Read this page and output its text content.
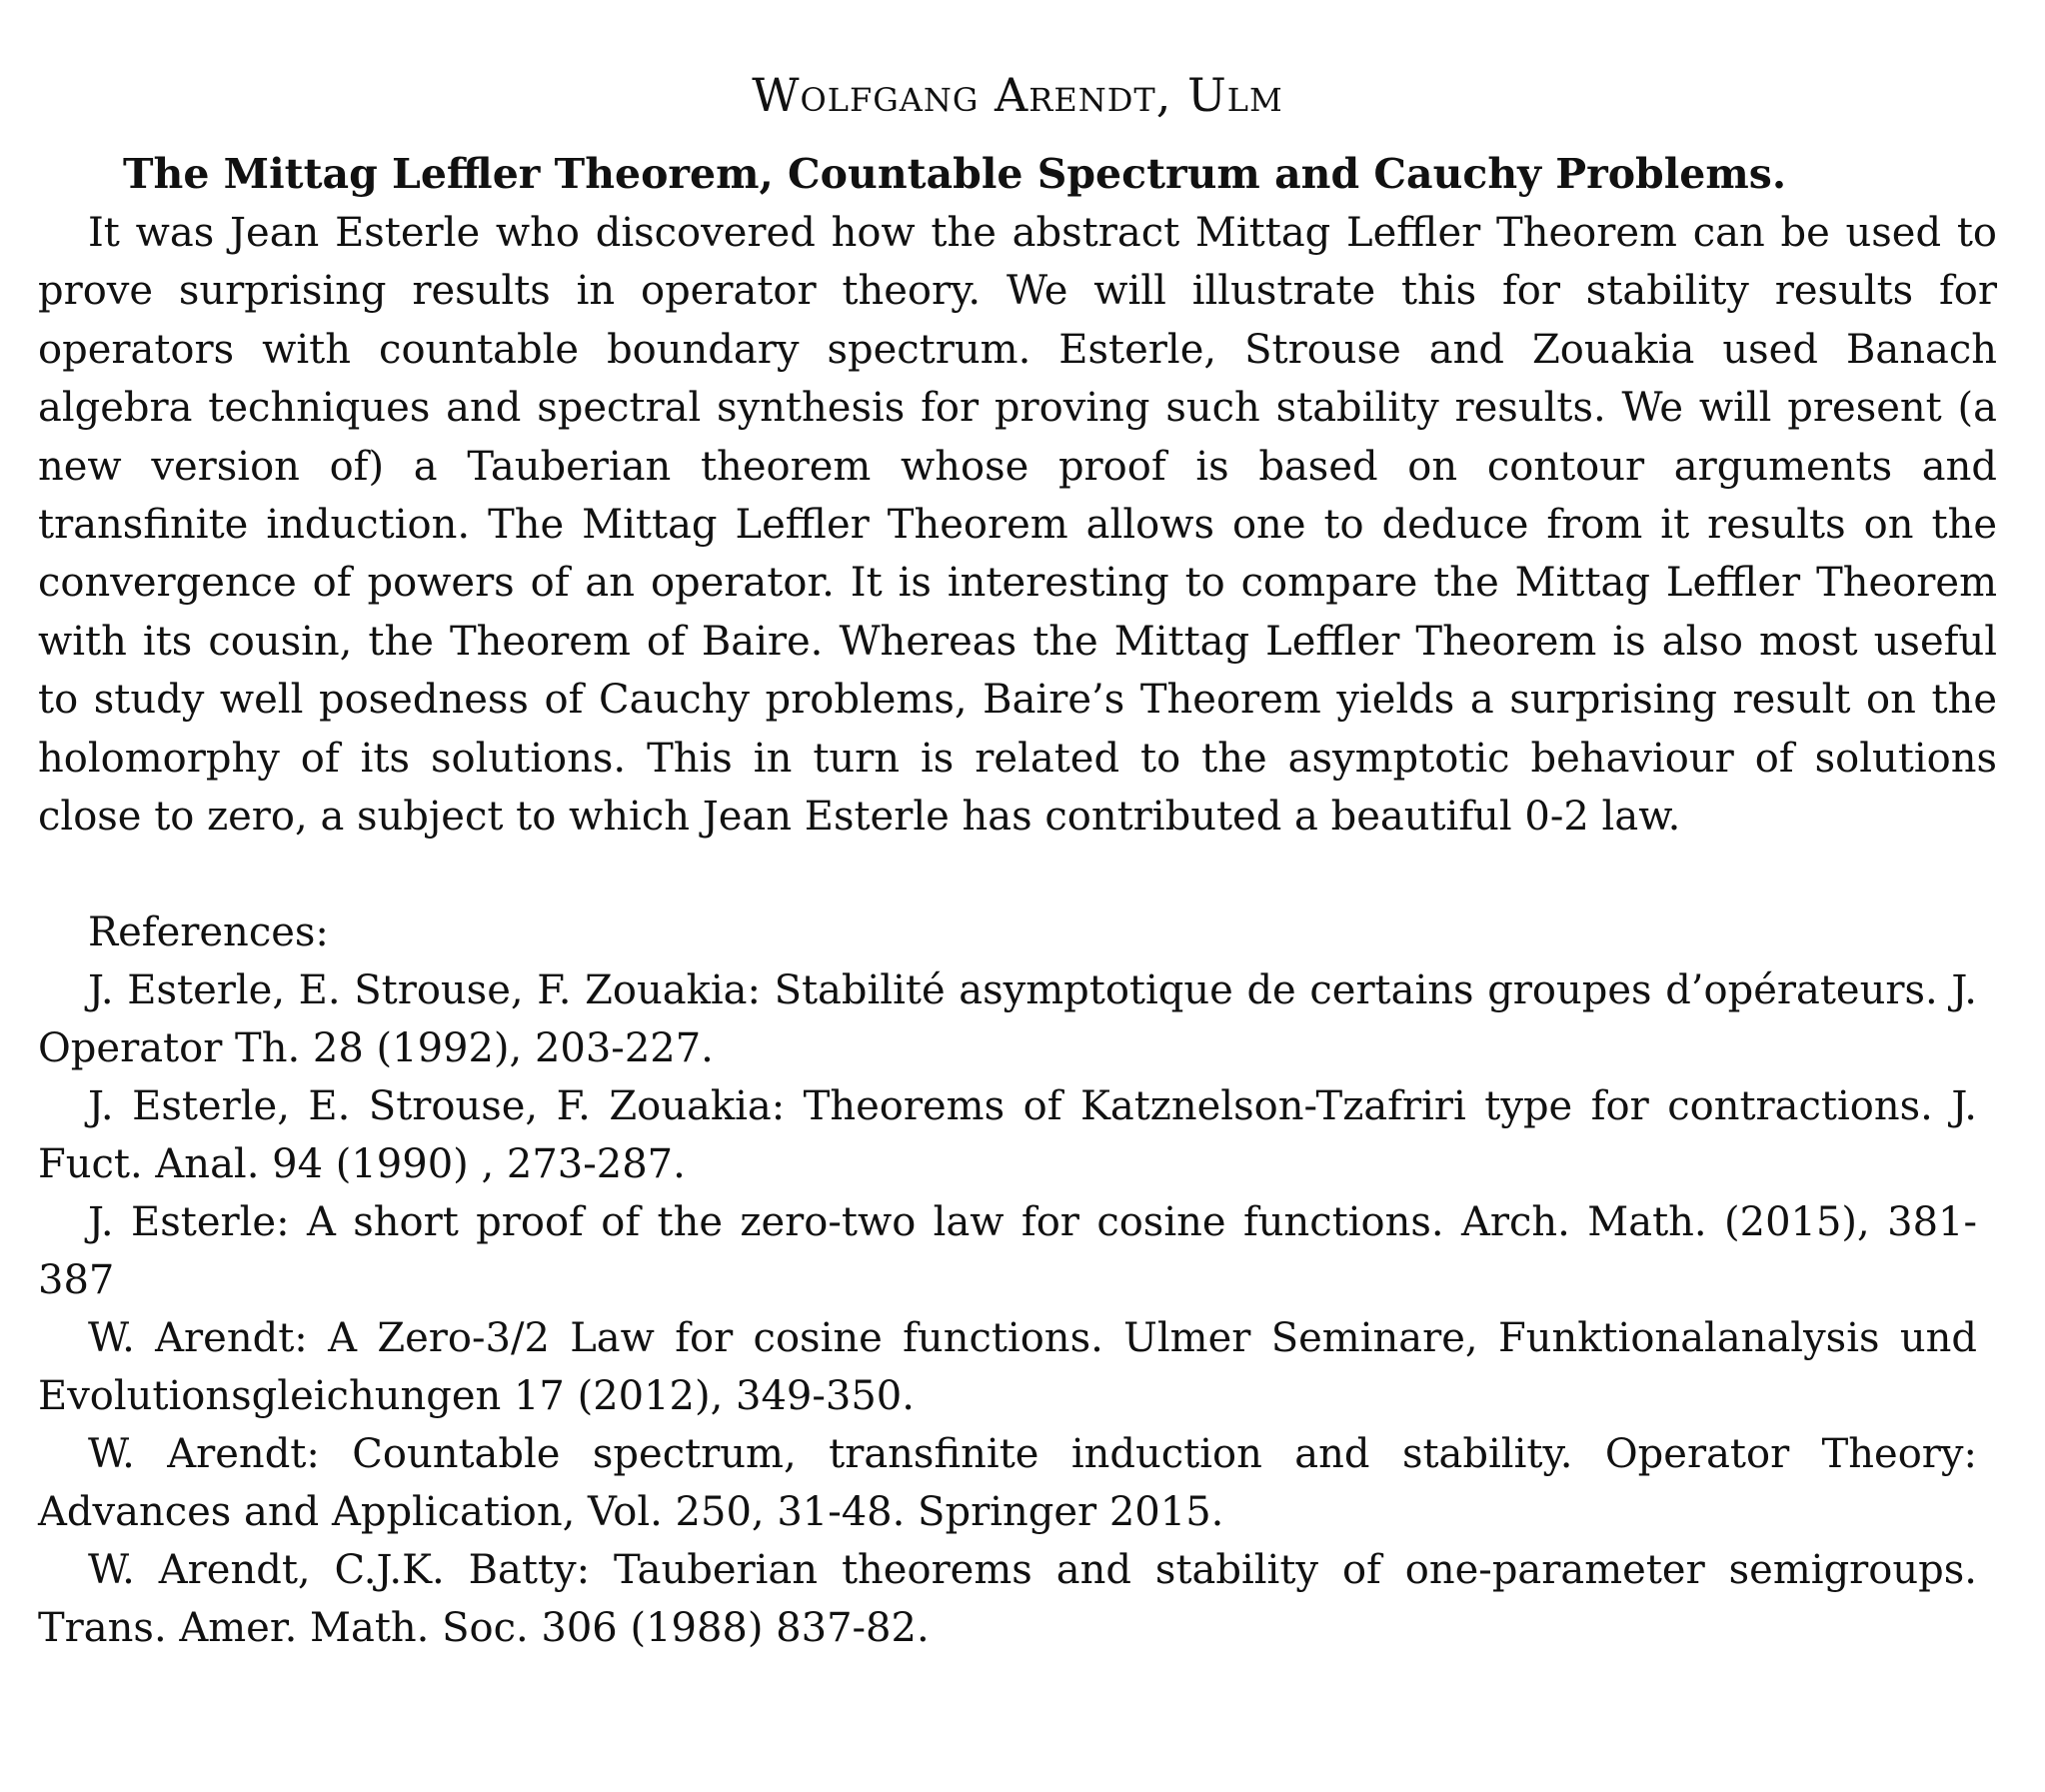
Wolfgang Arendt, Ulm
The Mittag Leffler Theorem, Countable Spectrum and Cauchy Problems.

It was Jean Esterle who discovered how the abstract Mittag Leffler Theorem can be used to prove surprising results in operator theory. We will illustrate this for stability results for operators with countable boundary spectrum. Esterle, Strouse and Zouakia used Banach algebra techniques and spectral synthesis for proving such stability results. We will present (a new version of) a Tauberian theorem whose proof is based on contour arguments and transfinite induction. The Mittag Leffler Theorem allows one to deduce from it results on the convergence of powers of an operator. It is interesting to compare the Mittag Leffler Theorem with its cousin, the Theorem of Baire. Whereas the Mittag Leffler Theorem is also most useful to study well posedness of Cauchy problems, Baire’s Theorem yields a surprising result on the holomorphy of its solutions. This in turn is related to the asymptotic behaviour of solutions close to zero, a subject to which Jean Esterle has contributed a beautiful 0-2 law.

References:

J. Esterle, E. Strouse, F. Zouakia: Stabilité asymptotique de certains groupes d’opérateurs. J. Operator Th. 28 (1992), 203-227.

J. Esterle, E. Strouse, F. Zouakia: Theorems of Katznelson-Tzafriri type for contractions. J. Fuct. Anal. 94 (1990) , 273-287.

J. Esterle: A short proof of the zero-two law for cosine functions. Arch. Math. (2015), 381-387

W. Arendt: A Zero-3/2 Law for cosine functions. Ulmer Seminare, Funktionalanalysis und Evolutionsgleichungen 17 (2012), 349-350.

W. Arendt: Countable spectrum, transfinite induction and stability. Operator Theory: Advances and Application, Vol. 250, 31-48. Springer 2015.

W. Arendt, C.J.K. Batty: Tauberian theorems and stability of one-parameter semigroups. Trans. Amer. Math. Soc. 306 (1988) 837-82.
